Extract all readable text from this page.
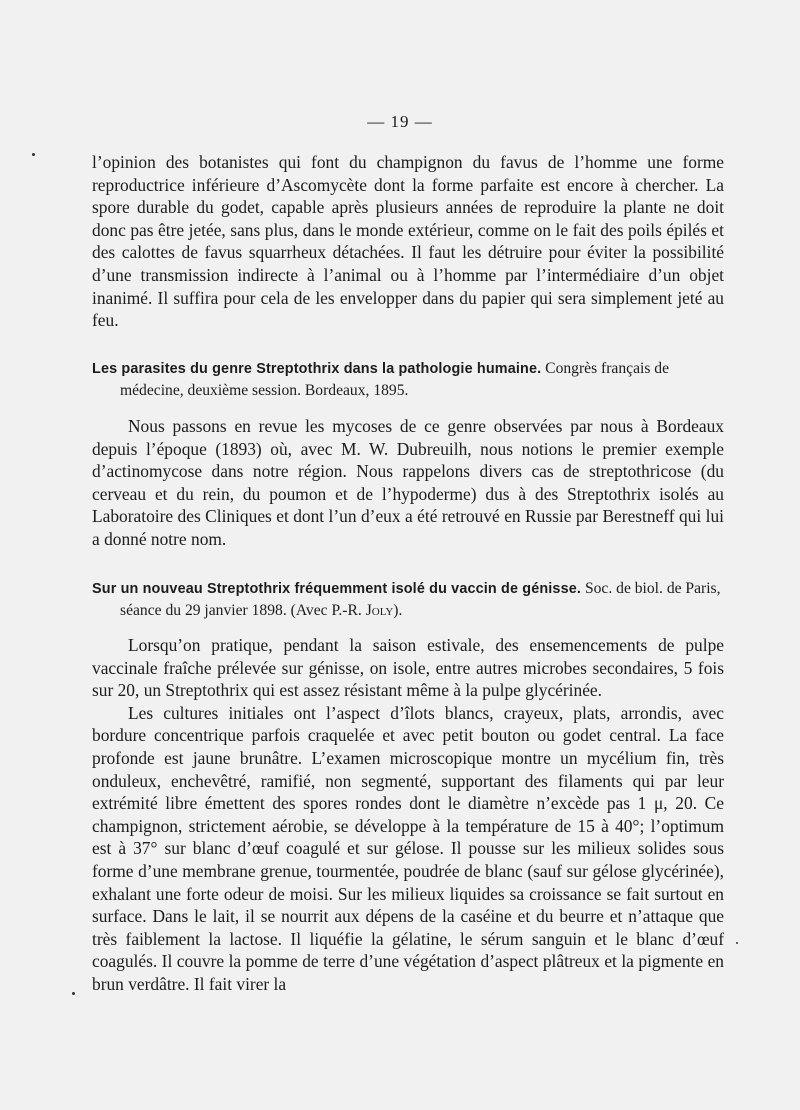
— 19 —

l’opinion des botanistes qui font du champignon du favus de l’homme une forme reproductrice inférieure d’Ascomycète dont la forme parfaite est encore à chercher. La spore durable du godet, capable après plusieurs années de reproduire la plante ne doit donc pas être jetée, sans plus, dans le monde extérieur, comme on le fait des poils épilés et des calottes de favus squarrheux détachées. Il faut les détruire pour éviter la possibilité d’une transmission indirecte à l’animal ou à l’homme par l’intermédiaire d’un objet inanimé. Il suffira pour cela de les envelopper dans du papier qui sera simplement jeté au feu.

Les parasites du genre Streptothrix dans la pathologie humaine. Congrès français de médecine, deuxième session. Bordeaux, 1895.

Nous passons en revue les mycoses de ce genre observées par nous à Bordeaux depuis l’époque (1893) où, avec M. W. Dubreuilh, nous notions le premier exemple d’actinomycose dans notre région. Nous rappelons divers cas de streptothricose (du cerveau et du rein, du poumon et de l’hypoderme) dus à des Streptothrix isolés au Laboratoire des Cliniques et dont l’un d’eux a été retrouvé en Russie par Berestneff qui lui a donné notre nom.

Sur un nouveau Streptothrix fréquemment isolé du vaccin de génisse. Soc. de biol. de Paris, séance du 29 janvier 1898. (Avec P.-R. Joly).

Lorsqu’on pratique, pendant la saison estivale, des ensemencements de pulpe vaccinale fraîche prélevée sur génisse, on isole, entre autres microbes secondaires, 5 fois sur 20, un Streptothrix qui est assez résistant même à la pulpe glycérinée.

Les cultures initiales ont l’aspect d’îlots blancs, crayeux, plats, arrondis, avec bordure concentrique parfois craquelée et avec petit bouton ou godet central. La face profonde est jaune brunâtre. L’examen microscopique montre un mycélium fin, très onduleux, enchevêtré, ramifié, non segmenté, supportant des filaments qui par leur extrémité libre émettent des spores rondes dont le diamètre n’excède pas 1 μ, 20. Ce champignon, strictement aérobie, se développe à la température de 15 à 40°; l’optimum est à 37° sur blanc d’œuf coagulé et sur gélose. Il pousse sur les milieux solides sous forme d’une membrane grenue, tourmentée, poudrée de blanc (sauf sur gélose glycérinée), exhalant une forte odeur de moisi. Sur les milieux liquides sa croissance se fait surtout en surface. Dans le lait, il se nourrit aux dépens de la caséine et du beurre et n’attaque que très faiblement la lactose. Il liquéfie la gélatine, le sérum sanguin et le blanc d’œuf coagulés. Il couvre la pomme de terre d’une végétation d’aspect plâtreux et la pigmente en brun verdâtre. Il fait virer la
